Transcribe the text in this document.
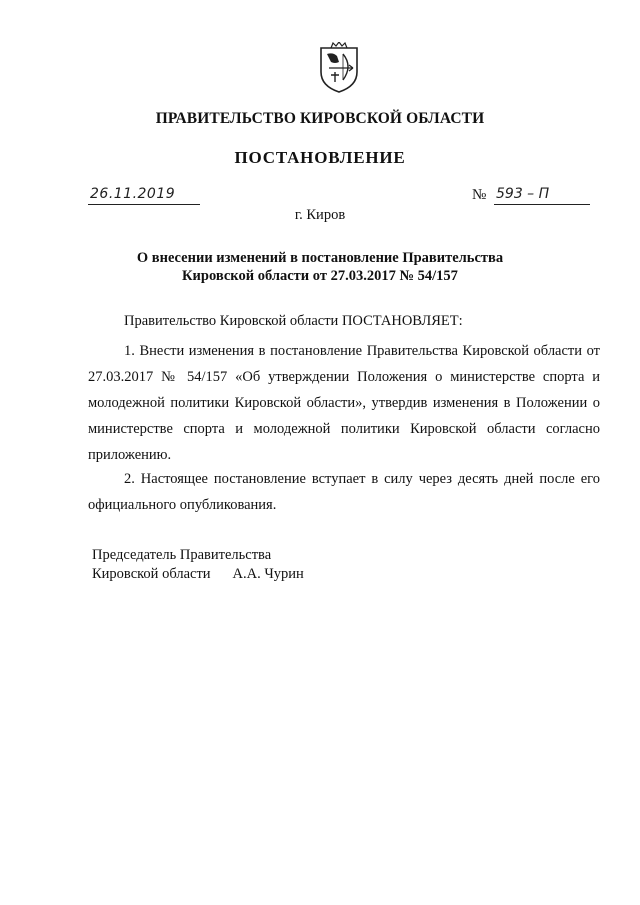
ПРАВИТЕЛЬСТВО КИРОВСКОЙ ОБЛАСТИ
ПОСТАНОВЛЕНИЕ
26.11.2019	№ 593 – П
г. Киров
О внесении изменений в постановление Правительства
Кировской области от 27.03.2017 № 54/157
Правительство Кировской области ПОСТАНОВЛЯЕТ:
1. Внести изменения в постановление Правительства Кировской области от 27.03.2017 № 54/157 «Об утверждении Положения о министерстве спорта и молодежной политики Кировской области», утвердив изменения в Положении о министерстве спорта и молодежной политики Кировской области согласно приложению.
2. Настоящее постановление вступает в силу через десять дней после его официального опубликования.
Председатель Правительства
Кировской области А.А. Чурин
